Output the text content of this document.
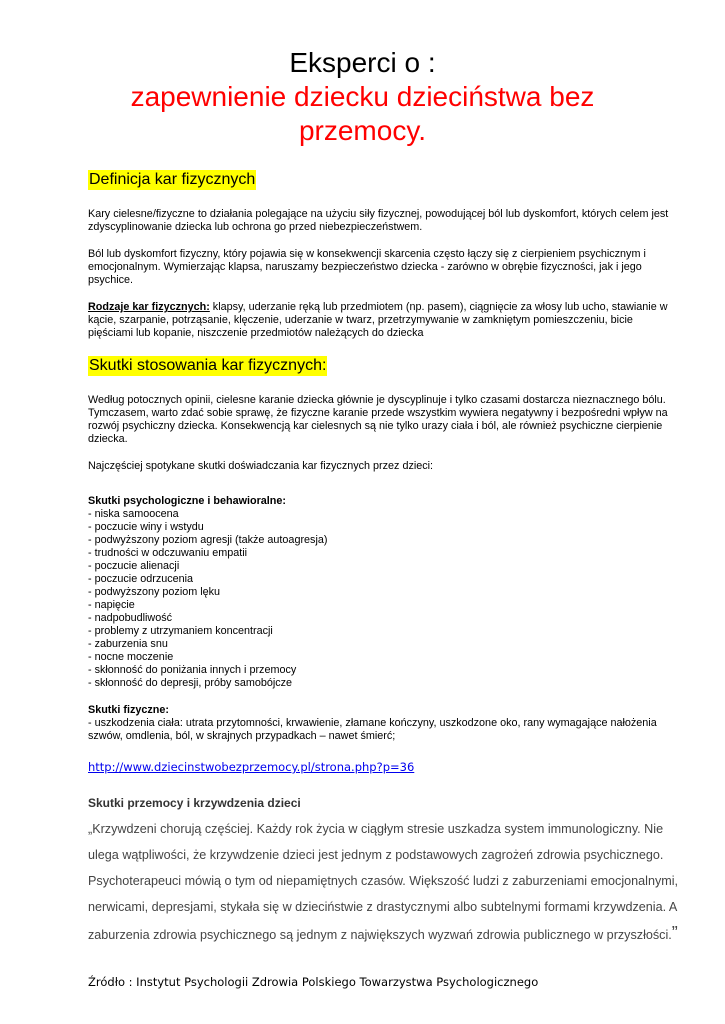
Eksperci o :
zapewnienie dziecku dzieciństwa bez
przemocy.
Definicja kar fizycznych

Kary cielesne/fizyczne to działania polegające na użyciu siły fizycznej, powodującej ból lub dyskomfort, których celem jest zdyscyplinowanie dziecka lub ochrona go przed niebezpieczeństwem.

Ból lub dyskomfort fizyczny, który pojawia się w konsekwencji skarcenia często łączy się z cierpieniem psychicznym i emocjonalnym. Wymierzając klapsa, naruszamy bezpieczeństwo dziecka - zarówno w obrębie fizyczności, jak i jego psychice.

Rodzaje kar fizycznych: klapsy, uderzanie ręką lub przedmiotem (np. pasem), ciągnięcie za włosy lub ucho, stawianie w kącie, szarpanie, potrząsanie, klęczenie, uderzanie w twarz, przetrzymywanie w zamkniętym pomieszczeniu, bicie pięściami lub kopanie, niszczenie przedmiotów należących do dziecka

Skutki stosowania kar fizycznych:

Według potocznych opinii, cielesne karanie dziecka głównie je dyscyplinuje i tylko czasami dostarcza nieznacznego bólu. Tymczasem, warto zdać sobie sprawę, że fizyczne karanie przede wszystkim wywiera negatywny i bezpośredni wpływ na rozwój psychiczny dziecka. Konsekwencją kar cielesnych są nie tylko urazy ciała i ból, ale również psychiczne cierpienie dziecka.

Najczęściej spotykane skutki doświadczania kar fizycznych przez dzieci:

Skutki psychologiczne i behawioralne:

- niska samoocena
- poczucie winy i wstydu
- podwyższony poziom agresji (także autoagresja)
- trudności w odczuwaniu empatii
- poczucie alienacji
- poczucie odrzucenia
- podwyższony poziom lęku
- napięcie
- nadpobudliwość
- problemy z utrzymaniem koncentracji
- zaburzenia snu
- nocne moczenie
- skłonność do poniżania innych i przemocy
- skłonność do depresji, próby samobójcze

Skutki fizyczne:

- uszkodzenia ciała: utrata przytomności, krwawienie, złamane kończyny, uszkodzone oko, rany wymagające nałożenia szwów, omdlenia, ból, w skrajnych przypadkach – nawet śmierć;

http://www.dziecinstwobezprzemocy.pl/strona.php?p=36

Skutki przemocy i krzywdzenia dzieci

„Krzywdzeni chorują częściej. Każdy rok życia w ciągłym stresie uszkadza system immunologiczny. Nie ulega wątpliwości, że krzywdzenie dzieci jest jednym z podstawowych zagrożeń zdrowia psychicznego.

Psychoterapeuci mówią o tym od niepamiętnych czasów. Większość ludzi z zaburzeniami emocjonalnymi, nerwicami, depresjami, stykała się w dzieciństwie z drastycznymi albo subtelnymi formami krzywdzenia. A zaburzenia zdrowia psychicznego są jednym z największych wyzwań zdrowia publicznego w przyszłości.”

Źródło : Instytut Psychologii Zdrowia Polskiego Towarzystwa Psychologicznego
